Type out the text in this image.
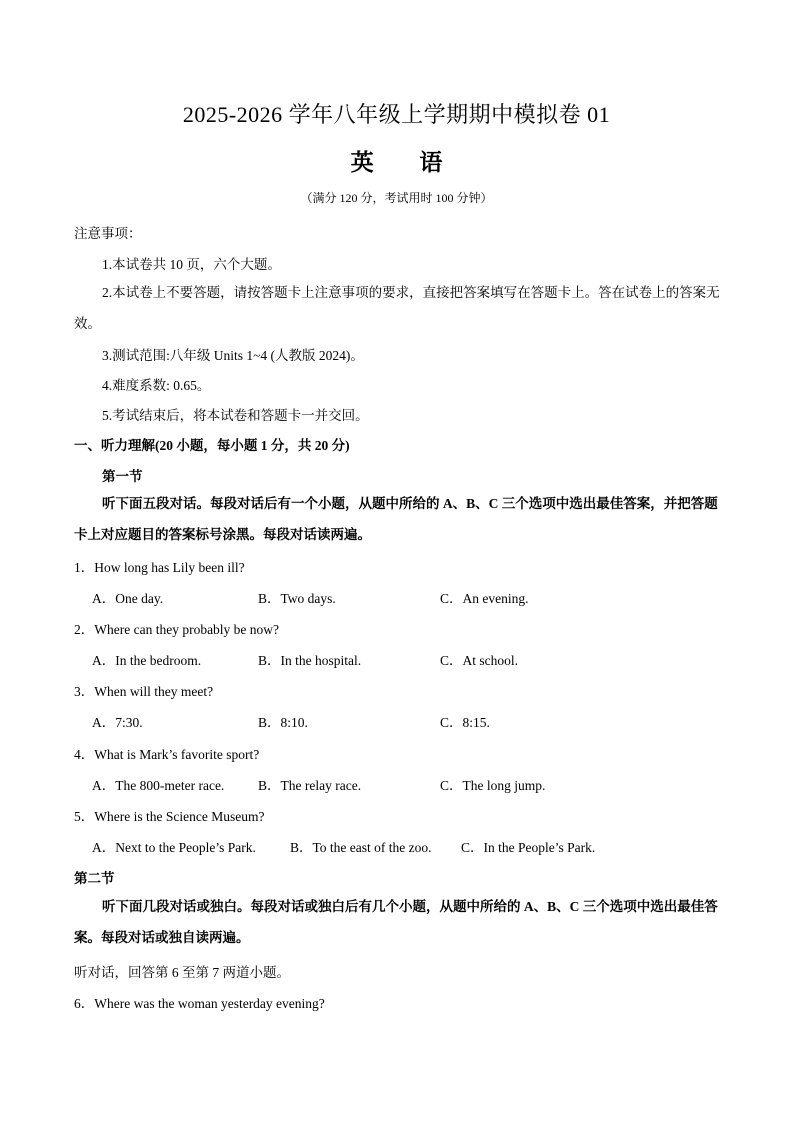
2025-2026 学年八年级上学期期中模拟卷 01
英 语
（满分 120 分，考试用时 100 分钟）
注意事项：
1.本试卷共 10 页，六个大题。
2.本试卷上不要答题，请按答题卡上注意事项的要求，直接把答案填写在答题卡上。答在试卷上的答案无效。
3.测试范围:八年级 Units 1~4 (人教版 2024)。
4.难度系数: 0.65。
5.考试结束后，将本试卷和答题卡一并交回。
一、听力理解(20 小题，每小题 1 分，共 20 分)
第一节
听下面五段对话。每段对话后有一个小题，从题中所给的 A、B、C 三个选项中选出最佳答案，并把答题卡上对应题目的答案标号涂黑。每段对话读两遍。
1．How long has Lily been ill?
A．One day.	B．Two days.	C．An evening.
2．Where can they probably be now?
A．In the bedroom.	B．In the hospital.	C．At school.
3．When will they meet?
A．7:30.	B．8:10.	C．8:15.
4．What is Mark’s favorite sport?
A．The 800-meter race. B．The relay race.	C．The long jump.
5．Where is the Science Museum?
A．Next to the People’s Park.	B．To the east of the zoo. C．In the People’s Park.
第二节
听下面几段对话或独白。每段对话或独白后有几个小题，从题中所给的 A、B、C 三个选项中选出最佳答案。每段对话或独自读两遍。
听对话，回答第 6 至第 7 两道小题。
6．Where was the woman yesterday evening?
